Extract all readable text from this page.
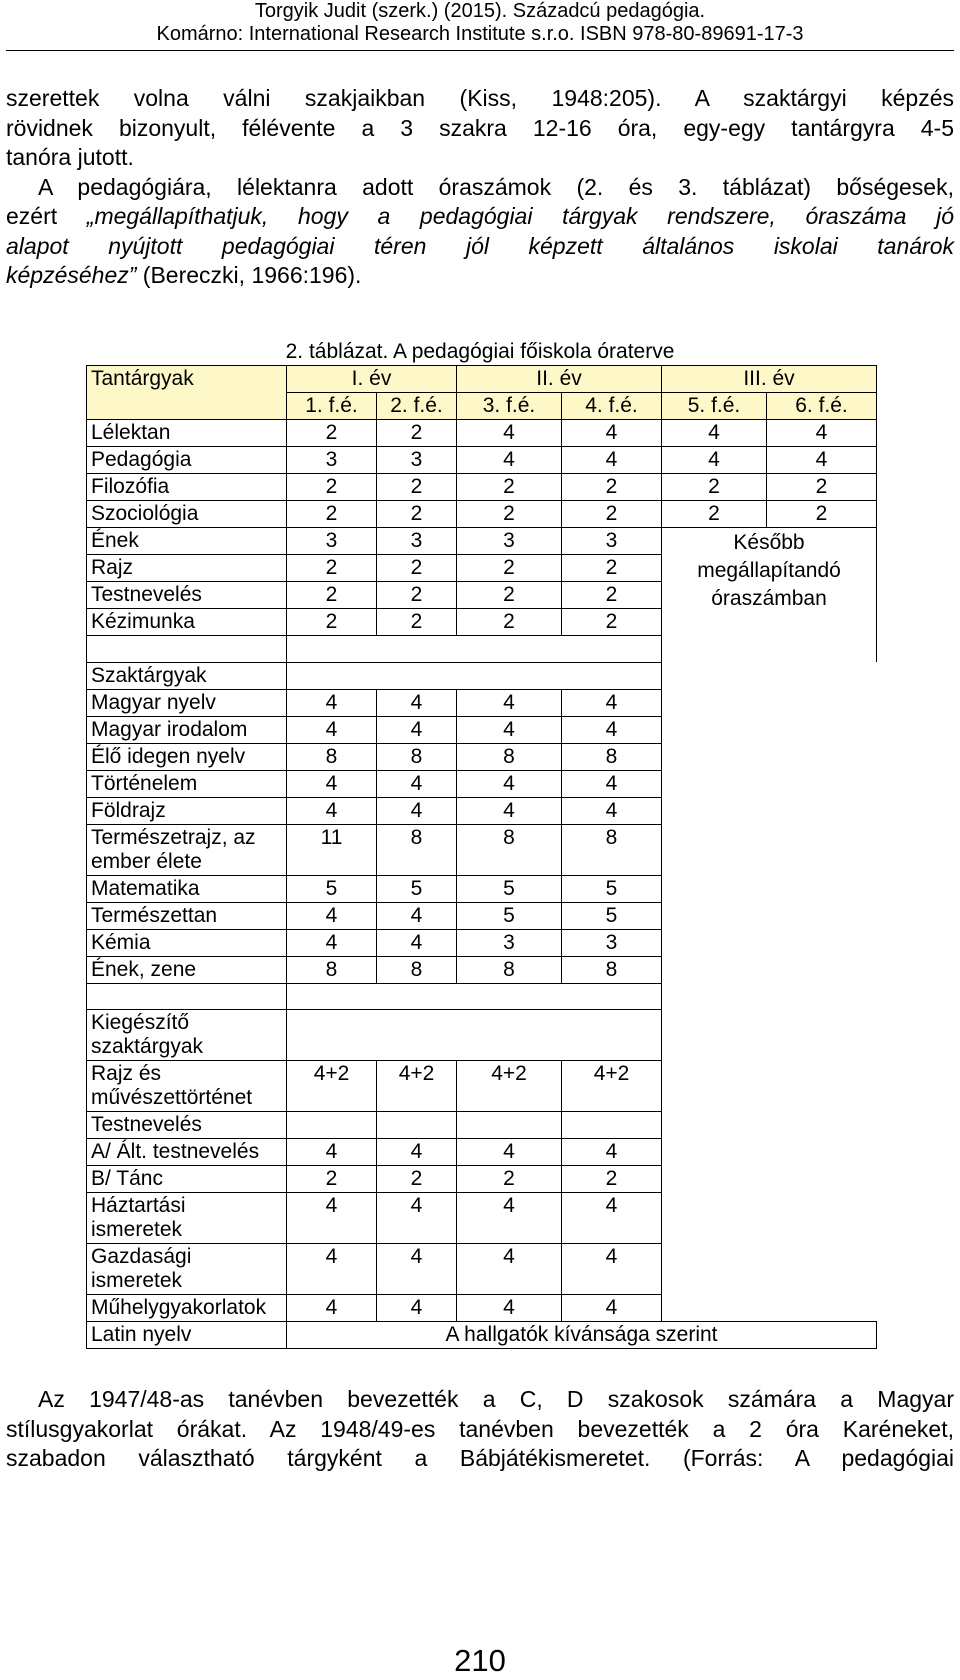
Torgyik Judit (szerk.) (2015). Századcú pedagógia.
Komárno: International Research Institute s.r.o. ISBN 978-80-89691-17-3
szerettek volna válni szakjaikban (Kiss, 1948:205). A szaktárgyi képzés
rövidnek bizonyult, félévente a 3 szakra 12-16 óra, egy-egy tantárgyra 4-5
tanóra jutott.
A pedagógiára, lélektanra adott óraszámok (2. és 3. táblázat) bőségesek,
ezért „megállapíthatjuk, hogy a pedagógiai tárgyak rendszere, óraszáma jó
alapot nyújtott pedagógiai téren jól képzett általános iskolai tanárok
képzéséhez” (Bereczki, 1966:196).
2. táblázat. A pedagógiai főiskola óraterve
Tantárgyak	I. év		II. év		III. év	
	1. f.é.	2. f.é.	3. f.é.	4. f.é.	5. f.é.	6. f.é.
Lélektan	2	2	4	4	4	4
Pedagógia	3	3	4	4	4	4
Filozófia	2	2	2	2	2	2
Szociológia	2	2	2	2	2	2
Ének	3	3	3	3	Később
megállapítandó
óraszámban	

Rajz	2	2	2	2		
Testnevelés	2	2	2	2		
Kézimunka	2	2	2	2		

Szaktárgyak						
Magyar nyelv	4	4	4	4		
Magyar irodalom	4	4	4	4		
Élő idegen nyelv	8	8	8	8		
Történelem	4	4	4	4		
Földrajz	4	4	4	4		
Természetrajz, az ember élete	11	8	8	8		
Matematika	5	5	5	5		
Természettan	4	4	5	5		
Kémia	4	4	3	3		
Ének, zene	8	8	8	8		

Kiegészítő szaktárgyak						
Rajz és művészettörténet	4+2	4+2	4+2	4+2		
Testnevelés						
A/ Ált. testnevelés	4	4	4	4		
B/ Tánc	2	2	2	2		
Háztartási ismeretek	4	4	4	4		
Gazdasági ismeretek	4	4	4	4		
Műhelygyakorlatok	4	4	4	4		
Latin nyelv	A hallgatók kívánsága szerint					
Az 1947/48-as tanévben bevezették a C, D szakosok számára a Magyar
stílusgyakorlat órákat. Az 1948/49-es tanévben bevezették a 2 óra Karéneket,
szabadon választható tárgyként a Bábjátékismeretet. (Forrás: A pedagógiai
210
